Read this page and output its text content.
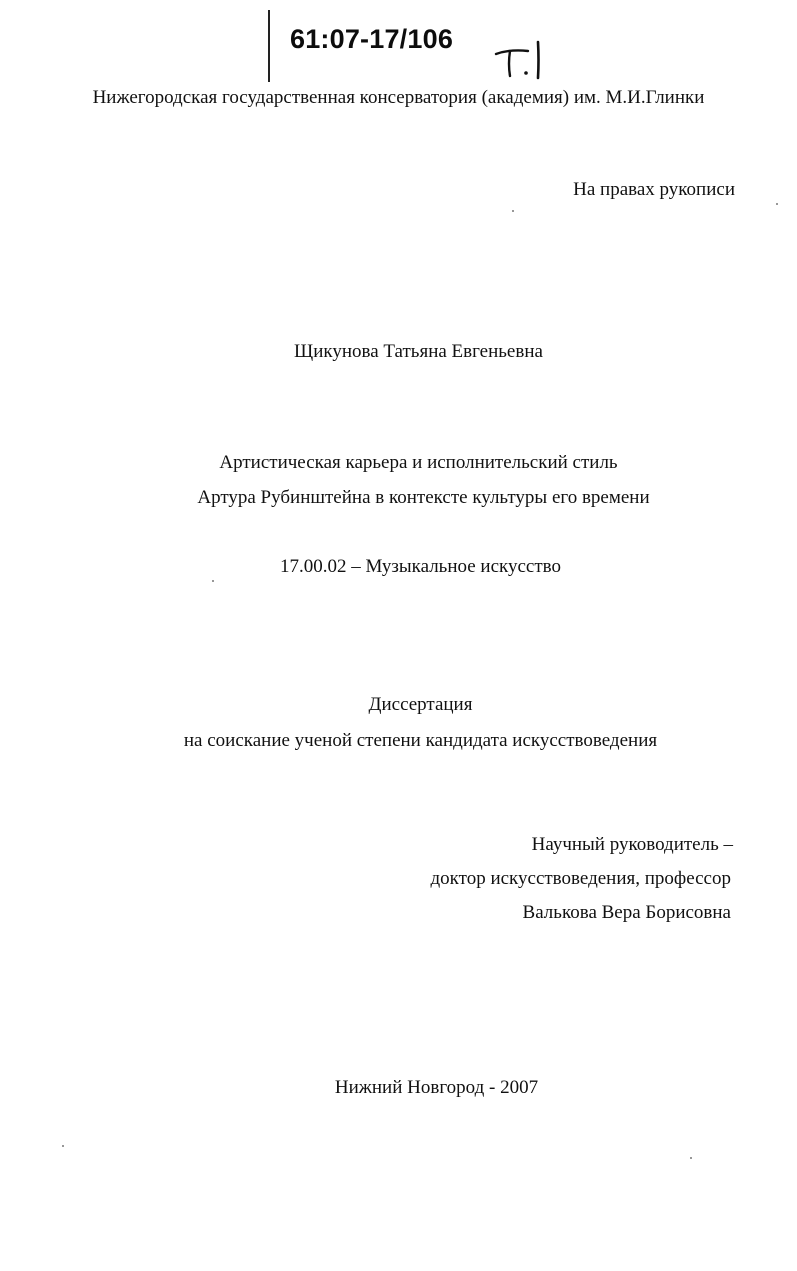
61:07-17/106
Нижегородская государственная консерватория (академия) им. М.И.Глинки
На правах рукописи
Щикунова Татьяна Евгеньевна
Артистическая карьера и исполнительский стиль
Артура Рубинштейна в контексте культуры его времени
17.00.02 – Музыкальное искусство
Диссертация
на соискание ученой степени кандидата искусствоведения
Научный руководитель –
доктор искусствоведения, профессор
Валькова Вера Борисовна
Нижний Новгород - 2007
